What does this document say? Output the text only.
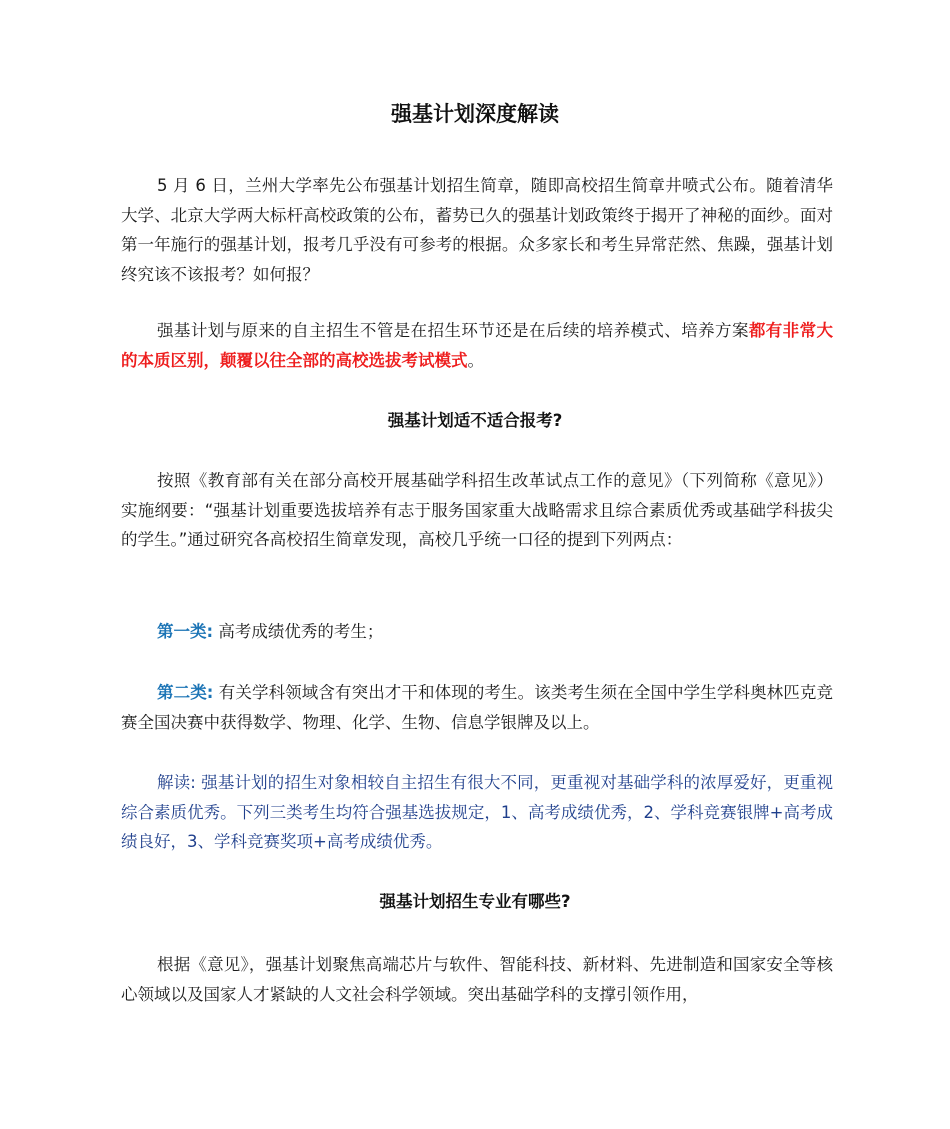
强基计划深度解读

5 月 6 日，兰州大学率先公布强基计划招生简章，随即高校招生简章井喷式公布。随着清华大学、北京大学两大标杆高校政策的公布，蓄势已久的强基计划政策终于揭开了神秘的面纱。面对第一年施行的强基计划，报考几乎没有可参考的根据。众多家长和考生异常茫然、焦躁，强基计划终究该不该报考？如何报？

强基计划与原来的自主招生不管是在招生环节还是在后续的培养模式、培养方案都有非常大的本质区别，颠覆以往全部的高校选拔考试模式。

强基计划适不适合报考?

按照《教育部有关在部分高校开展基础学科招生改革试点工作的意见》（下列简称《意见》）实施纲要：“强基计划重要选拔培养有志于服务国家重大战略需求且综合素质优秀或基础学科拔尖的学生。”通过研究各高校招生简章发现，高校几乎统一口径的提到下列两点：

第一类: 高考成绩优秀的考生；

第二类: 有关学科领域含有突出才干和体现的考生。该类考生须在全国中学生学科奥林匹克竞赛全国决赛中获得数学、物理、化学、生物、信息学银牌及以上。

解读: 强基计划的招生对象相较自主招生有很大不同，更重视对基础学科的浓厚爱好，更重视综合素质优秀。下列三类考生均符合强基选拔规定，1、高考成绩优秀，2、学科竞赛银牌+高考成绩良好，3、学科竞赛奖项+高考成绩优秀。

强基计划招生专业有哪些?

根据《意见》，强基计划聚焦高端芯片与软件、智能科技、新材料、先进制造和国家安全等核心领域以及国家人才紧缺的人文社会科学领域。突出基础学科的支撑引领作用，
